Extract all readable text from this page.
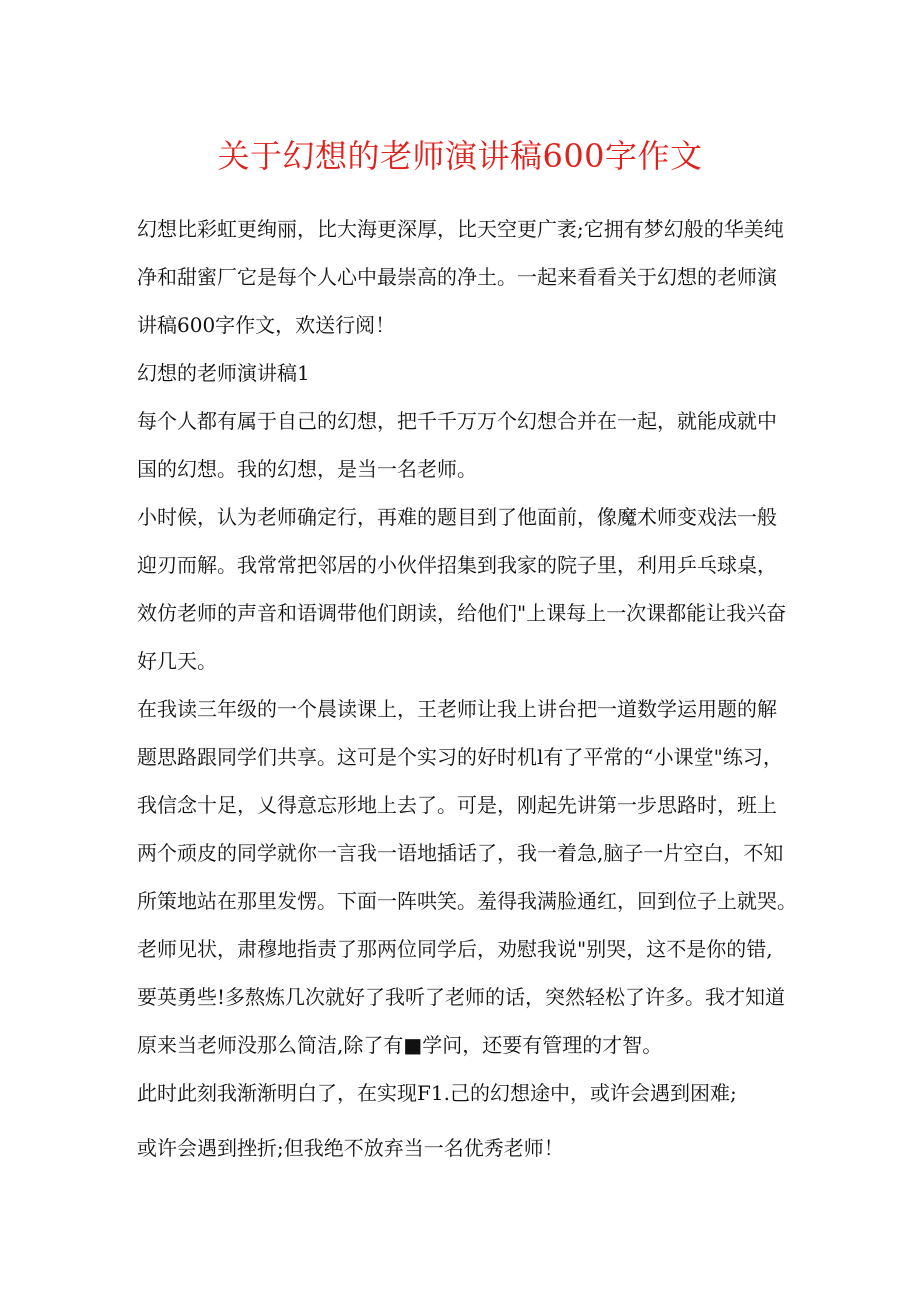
关于幻想的老师演讲稿600字作文
幻想比彩虹更绚丽，比大海更深厚，比天空更广袤;它拥有梦幻般的华美纯
净和甜蜜厂它是每个人心中最崇高的净土。一起来看看关于幻想的老师演
讲稿600字作文，欢送行阅！
幻想的老师演讲稿1
每个人都有属于自己的幻想，把千千万万个幻想合并在一起，就能成就中
国的幻想。我的幻想，是当一名老师。
小时候，认为老师确定行，再难的题目到了他面前，像魔术师变戏法一般
迎刃而解。我常常把邻居的小伙伴招集到我家的院子里，利用乒乓球桌，
效仿老师的声音和语调带他们朗读，给他们"上课每上一次课都能让我兴奋
好几天。
在我读三年级的一个晨读课上，王老师让我上讲台把一道数学运用题的解
题思路跟同学们共享。这可是个实习的好时机l有了平常的“小课堂"练习，
我信念十足，乂得意忘形地上去了。可是，刚起先讲第一步思路时，班上
两个顽皮的同学就你一言我一语地插话了，我一着急,脑子一片空白，不知
所策地站在那里发愣。下面一阵哄笑。羞得我满脸通红，回到位子上就哭。
老师见状，肃穆地指责了那两位同学后，劝慰我说"别哭，这不是你的错,
要英勇些!多熬炼几次就好了我听了老师的话，突然轻松了许多。我才知道
原来当老师没那么简洁,除了有■学问，还要有管理的才智。
此时此刻我渐渐明白了，在实现F1.己的幻想途中，或许会遇到困难;
或许会遇到挫折;但我绝不放弃当一名优秀老师！
